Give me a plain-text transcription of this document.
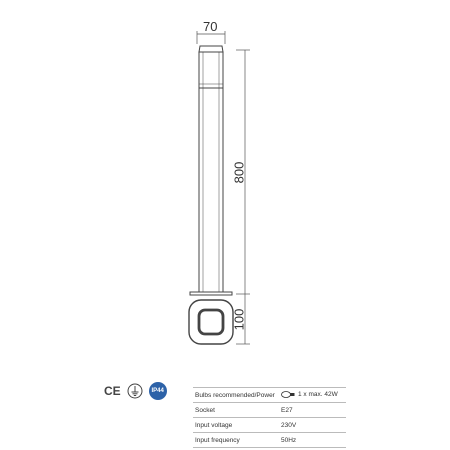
70
800
100
CE	IP44
Bulbs recommended/Power	1 x max. 42W
Socket	E27
Input voltage	230V
Input frequency	50Hz
